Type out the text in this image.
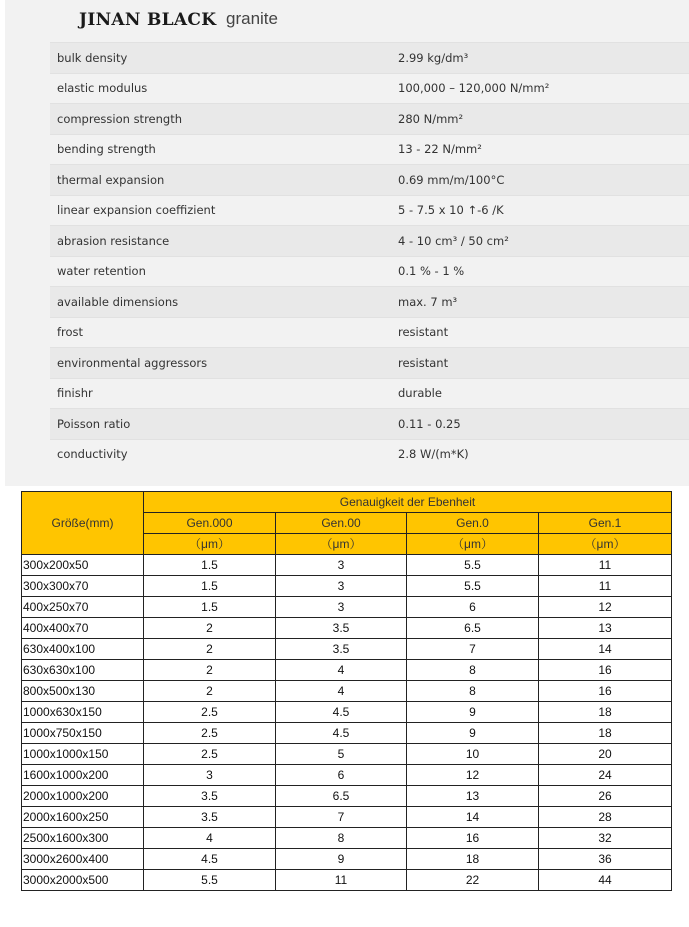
JINAN BLACK granite
bulk density	2.99 kg/dm³
elastic modulus	100,000 – 120,000 N/mm²
compression strength	280 N/mm²
bending strength	13 - 22 N/mm²
thermal expansion	0.69 mm/m/100°C
linear expansion coeffizient	5 - 7.5 x 10 ↑-6 /K
abrasion resistance	4 - 10 cm³ / 50 cm²
water retention	0.1 % - 1 %
available dimensions	max. 7 m³
frost	resistant
environmental aggressors	resistant
finishr	durable
Poisson ratio	0.11 - 0.25
conductivity	2.8 W/(m*K)
Größe(mm)	Genauigkeit der Ebenheit			
	Gen.000	Gen.00	Gen.0	Gen.1
	（μm）	（μm）	（μm）	（μm）
300x200x50	1.5	3	5.5	11
300x300x70	1.5	3	5.5	11
400x250x70	1.5	3	6	12
400x400x70	2	3.5	6.5	13
630x400x100	2	3.5	7	14
630x630x100	2	4	8	16
800x500x130	2	4	8	16
1000x630x150	2.5	4.5	9	18
1000x750x150	2.5	4.5	9	18
1000x1000x150	2.5	5	10	20
1600x1000x200	3	6	12	24
2000x1000x200	3.5	6.5	13	26
2000x1600x250	3.5	7	14	28
2500x1600x300	4	8	16	32
3000x2600x400	4.5	9	18	36
3000x2000x500	5.5	11	22	44
